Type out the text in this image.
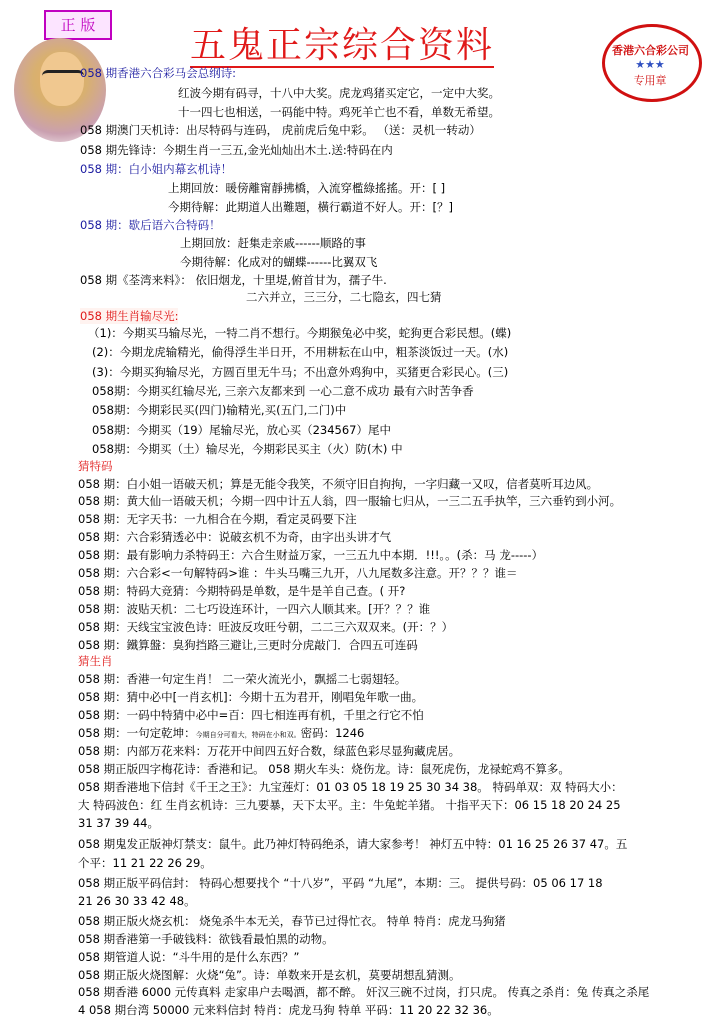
正 版	五鬼正宗综合资料	香港六合彩公司
★★★
专用章
058 期香港六合彩马会总纲诗:
红波今期有码寻，十八中大奖。虎龙鸡猪买定它，一定中大奖。
十一四七也相送，一码能中特。鸡死羊亡也不看，单数无希望。
058 期澳门天机诗：出尽特码与连码， 虎前虎后兔中彩。 （送：灵机一转动）
058 期先锋诗：今期生肖一三五,金光灿灿出木土.送:特码在内
058 期：白小姐内幕玄机诗！
上期回放：暖傍離甯靜拂橋，入流穿檻綠搖搖。开：[ ]
今期待解：此期道人出難題，橫行霸道不好人。开：[？]
058 期：歇后语六合特码！
上期回放：赶集走亲戚------顺路的事
今期待解：化成对的蝴蝶------比翼双飞
058 期《荃湾来料》： 依旧烟龙，十里堤,俯首甘为，孺子牛.
二六并立，三三分，二七隐玄，四七猜
058 期生肖输尽光:
（1)：今期买马输尽光，一特二肖不想行。今期猴兔必中奖，蛇狗更合彩民想。(蝶)
(2)：今期龙虎输精光，偷得浮生半日开，不用耕耘在山中，粗茶淡饭过一天。(水)
(3)：今期买狗输尽光，方圆百里无牛马；不出意外鸡狗中，买猪更合彩民心。(三)
058期：今期买红输尽光, 三亲六友都来到 一心二意不成功 最有六时苦争香
058期：今期彩民买(四门)输精光,买(五门,二门)中
058期：今期买（19）尾输尽光，放心买（234567）尾中
058期：今期买（土）输尽光，今期彩民买主（火）防(木) 中
猜特码
058 期：白小姐一语破天机；算是无能令我笑，不须守旧自拘拘，一字归藏一又叹，信者莫听耳边风。
058 期：黄大仙一语破天机；今期一四中计五人翁，四一服输七归从，一三二五手执竿，三六垂钓到小河。
058 期：无字天书：一九相合在今期，看定灵码要下注
058 期：六合彩猜透必中：说破玄机不为奇，由字出头讲才气
058 期：最有影响力杀特码王：六合生财益万家，一三五九中本期．!!!。。(杀：马 龙-----）
058 期：六合彩<一句解特码>谁 ：牛头马嘴三九开，八九尾数多注意。开？？？谁＝
058 期：特码大竞猜：今期特码是单数，是牛是羊自己查。( 开?
058 期：波贴天机：二七巧设连环计，一四六人顺其来。[开？？？谁
058 期：天线宝宝波色诗：旺波反攻旺兮朝，二二三六双双来。(开：？）
058 期：鐵算盤：臭狗挡路三避让,三更时分虎敲门．合四五可连码
猜生肖
058 期：香港一句定生肖！ 二一荣火流光小，飘摇二七弱翅轻。
058 期：猜中必中[一肖玄机]：今期十五为君开，刚唱兔年歌一曲。
058 期：一码中特猜中必中=百：四七相连再有机，千里之行它不怕
058 期：一句定乾坤：今期自分可看大，特码在小和双。密码：1246
058 期：内部万花来料：万花开中间四五好合数，绿蓝色彩尽显狗藏虎居。
058 期正版四字梅花诗：香港和记。 058 期火车头：烧伤龙。诗：鼠死虎伤，龙禄蛇鸡不算多。
058 期香港地下信封《千王之王》：九宝莲灯：01 03 05 18 19 25 30 34 38。 特码单双：双 特码大小：
大 特码波色：红 生肖玄机诗：三九要暴，天下太平。主：牛兔蛇羊猪。 十指平天下：06 15 18 20 24 25
31 37 39 44。
058 期鬼发正版神灯禁支：鼠牛。此乃神灯特码绝杀，请大家参考！ 神灯五中特：01 16 25 26 37 47。五
个平：11 21 22 26 29。
058 期正版平码信封： 特码心想要找个 “十八岁”，平码 “九尾”，本期：三。 提供号码：05 06 17 18
21 26 30 33 42 48。
058 期正版火烧玄机： 烧兔杀牛本无关，春节已过得忙衣。 特单 特肖：虎龙马狗猪
058 期香港第一手破钱料：欲钱看最怕黑的动物。
058 期管道人说：“斗牛用的是什么东西？”
058 期正版火烧图解：火烧“兔”。诗：单数来开是玄机，莫要胡想乱猜测。
058 期香港 6000 元传真料 走家串户去喝酒，都不醉。 奸汉三碗不过岗，打只虎。 传真之杀肖：兔 传真之杀尾
4 058 期台湾 50000 元来料信封 特肖：虎龙马狗 特单 平码：11 20 22 32 36。
